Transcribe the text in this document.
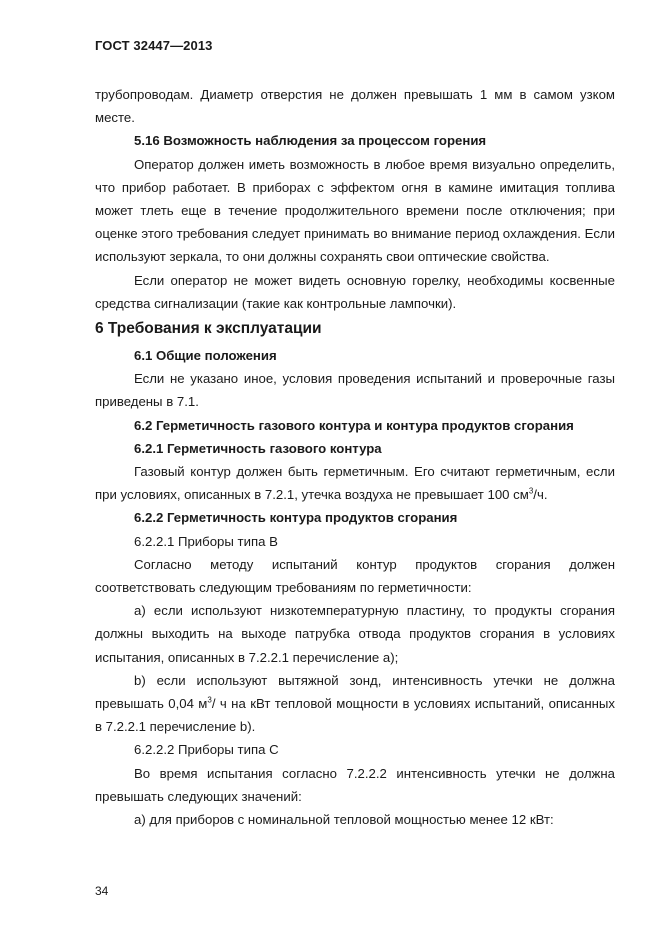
ГОСТ 32447—2013

трубопроводам. Диаметр отверстия не должен превышать 1 мм в самом узком месте.

5.16 Возможность наблюдения за процессом горения

Оператор должен иметь возможность в любое время визуально определить, что прибор работает. В приборах с эффектом огня в камине имитация топлива может тлеть еще в течение продолжительного времени после отключения; при оценке этого требования следует принимать во внимание период охлаждения. Если используют зеркала, то они должны сохранять свои оптические свойства.

Если оператор не может видеть основную горелку, необходимы косвенные средства сигнализации (такие как контрольные лампочки).

6 Требования к эксплуатации

6.1 Общие положения

Если не указано иное, условия проведения испытаний и проверочные газы приведены в 7.1.

6.2 Герметичность газового контура и контура продуктов сгорания

6.2.1 Герметичность газового контура

Газовый контур должен быть герметичным. Его считают герметичным, если при условиях, описанных в 7.2.1, утечка воздуха не превышает 100 $см^3/ч$.

6.2.2 Герметичность контура продуктов сгорания

6.2.2.1 Приборы типа В

Согласно методу испытаний контур продуктов сгорания должен соответствовать следующим требованиям по герметичности:

a) если используют низкотемпературную пластину, то продукты сгорания должны выходить на выходе патрубка отвода продуктов сгорания в условиях испытания, описанных в 7.2.2.1 перечисление а);

b) если используют вытяжной зонд, интенсивность утечки не должна превышать 0,04 $м^3/$ ч на кВт тепловой мощности в условиях испытаний, описанных в 7.2.2.1 перечисление b).

6.2.2.2 Приборы типа С

Во время испытания согласно 7.2.2.2 интенсивность утечки не должна превышать следующих значений:

a) для приборов с номинальной тепловой мощностью менее 12 кВт:

34
